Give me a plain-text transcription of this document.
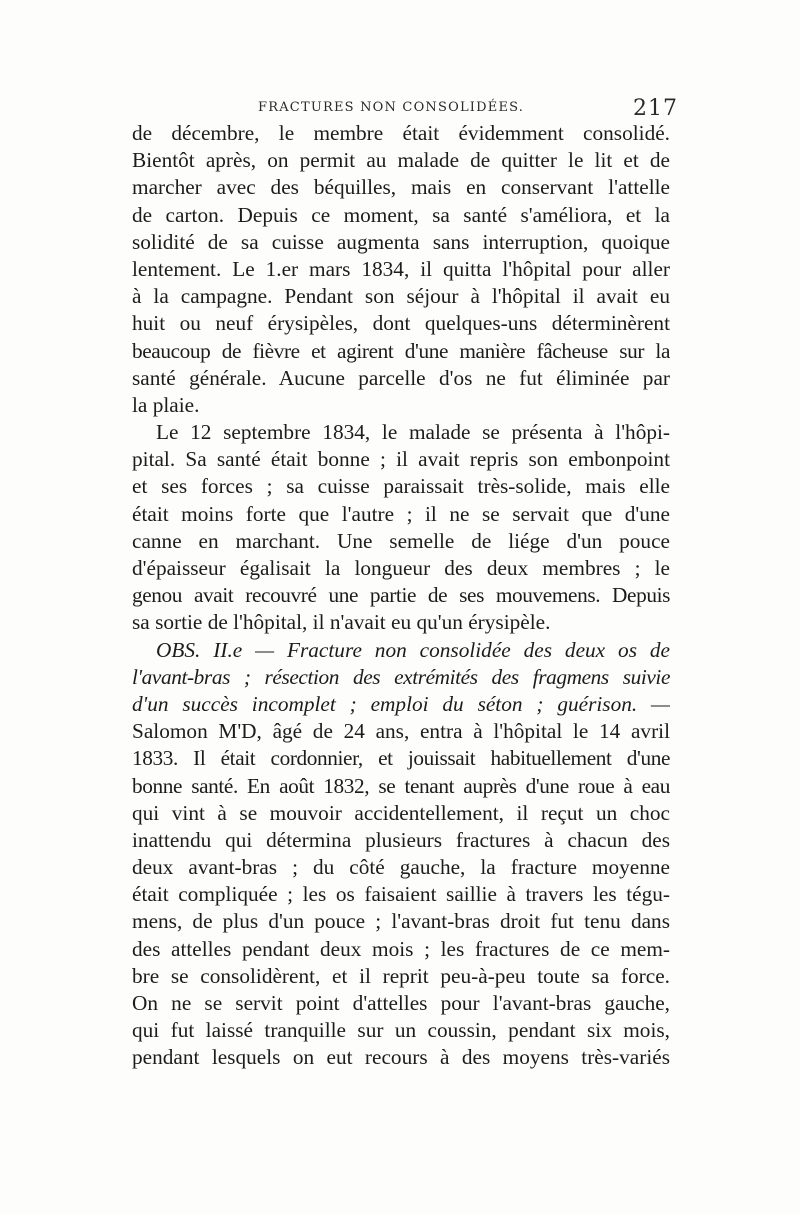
FRACTURES NON CONSOLIDÉES.	217
de décembre, le membre était évidemment consolidé.
Bientôt après, on permit au malade de quitter le lit et de
marcher avec des béquilles, mais en conservant l'attelle
de carton. Depuis ce moment, sa santé s'améliora, et la
solidité de sa cuisse augmenta sans interruption, quoique
lentement. Le 1.er mars 1834, il quitta l'hôpital pour aller
à la campagne. Pendant son séjour à l'hôpital il avait eu
huit ou neuf érysipèles, dont quelques-uns déterminèrent
beaucoup de fièvre et agirent d'une manière fâcheuse sur la
santé générale. Aucune parcelle d'os ne fut éliminée par
la plaie.
Le 12 septembre 1834, le malade se présenta à l'hôpi-
pital. Sa santé était bonne ; il avait repris son embonpoint
et ses forces ; sa cuisse paraissait très-solide, mais elle
était moins forte que l'autre ; il ne se servait que d'une
canne en marchant. Une semelle de liége d'un pouce
d'épaisseur égalisait la longueur des deux membres ; le
genou avait recouvré une partie de ses mouvemens. Depuis
sa sortie de l'hôpital, il n'avait eu qu'un érysipèle.
OBS. II.e — Fracture non consolidée des deux os de
l'avant-bras ; résection des extrémités des fragmens suivie
d'un succès incomplet ; emploi du séton ; guérison. —
Salomon M'D, âgé de 24 ans, entra à l'hôpital le 14 avril
1833. Il était cordonnier, et jouissait habituellement d'une
bonne santé. En août 1832, se tenant auprès d'une roue à eau
qui vint à se mouvoir accidentellement, il reçut un choc
inattendu qui détermina plusieurs fractures à chacun des
deux avant-bras ; du côté gauche, la fracture moyenne
était compliquée ; les os faisaient saillie à travers les tégu-
mens, de plus d'un pouce ; l'avant-bras droit fut tenu dans
des attelles pendant deux mois ; les fractures de ce mem-
bre se consolidèrent, et il reprit peu-à-peu toute sa force.
On ne se servit point d'attelles pour l'avant-bras gauche,
qui fut laissé tranquille sur un coussin, pendant six mois,
pendant lesquels on eut recours à des moyens très-variés
